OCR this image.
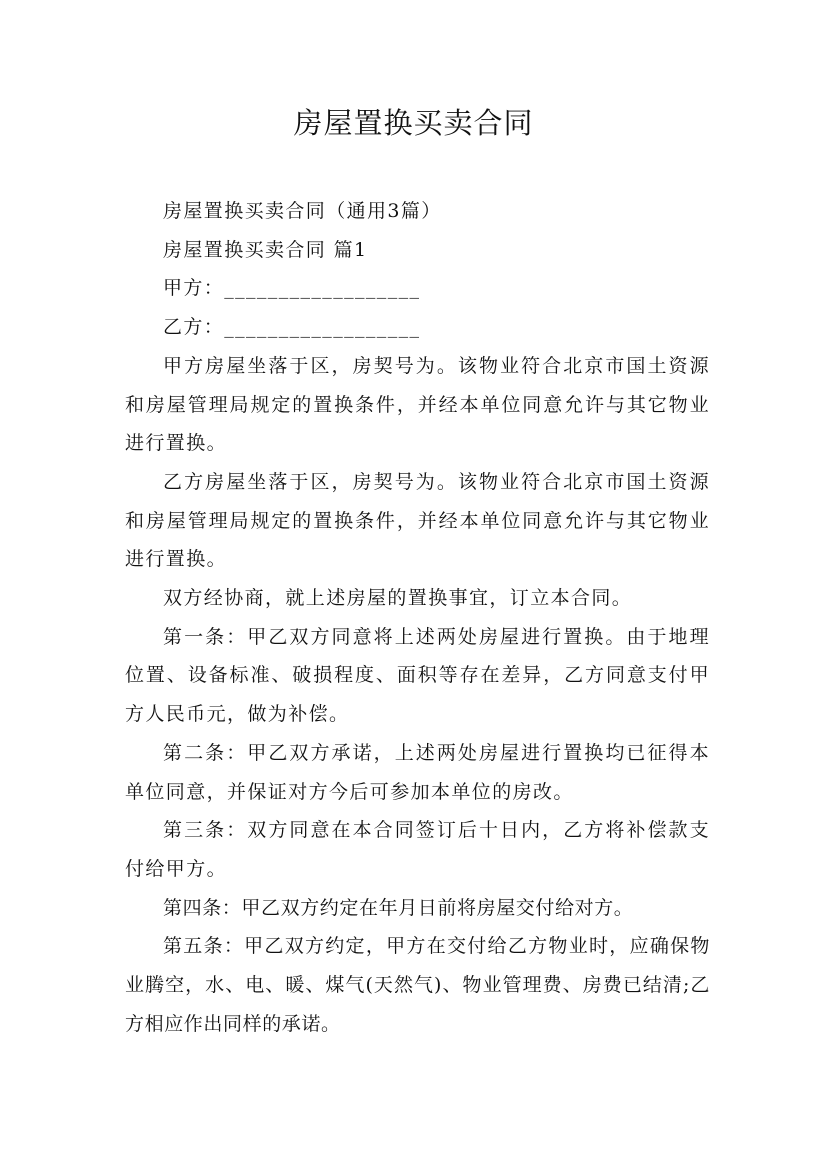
房屋置换买卖合同

房屋置换买卖合同（通用3篇）

房屋置换买卖合同 篇1

甲方：__________________

乙方：__________________

甲方房屋坐落于区，房契号为。该物业符合北京市国土资源和房屋管理局规定的置换条件，并经本单位同意允许与其它物业进行置换。

乙方房屋坐落于区，房契号为。该物业符合北京市国土资源和房屋管理局规定的置换条件，并经本单位同意允许与其它物业进行置换。

双方经协商，就上述房屋的置换事宜，订立本合同。

第一条：甲乙双方同意将上述两处房屋进行置换。由于地理位置、设备标准、破损程度、面积等存在差异，乙方同意支付甲方人民币元，做为补偿。

第二条：甲乙双方承诺，上述两处房屋进行置换均已征得本单位同意，并保证对方今后可参加本单位的房改。

第三条：双方同意在本合同签订后十日内，乙方将补偿款支付给甲方。

第四条：甲乙双方约定在年月日前将房屋交付给对方。

第五条：甲乙双方约定，甲方在交付给乙方物业时，应确保物业腾空，水、电、暖、煤气(天然气)、物业管理费、房费已结清;乙方相应作出同样的承诺。
